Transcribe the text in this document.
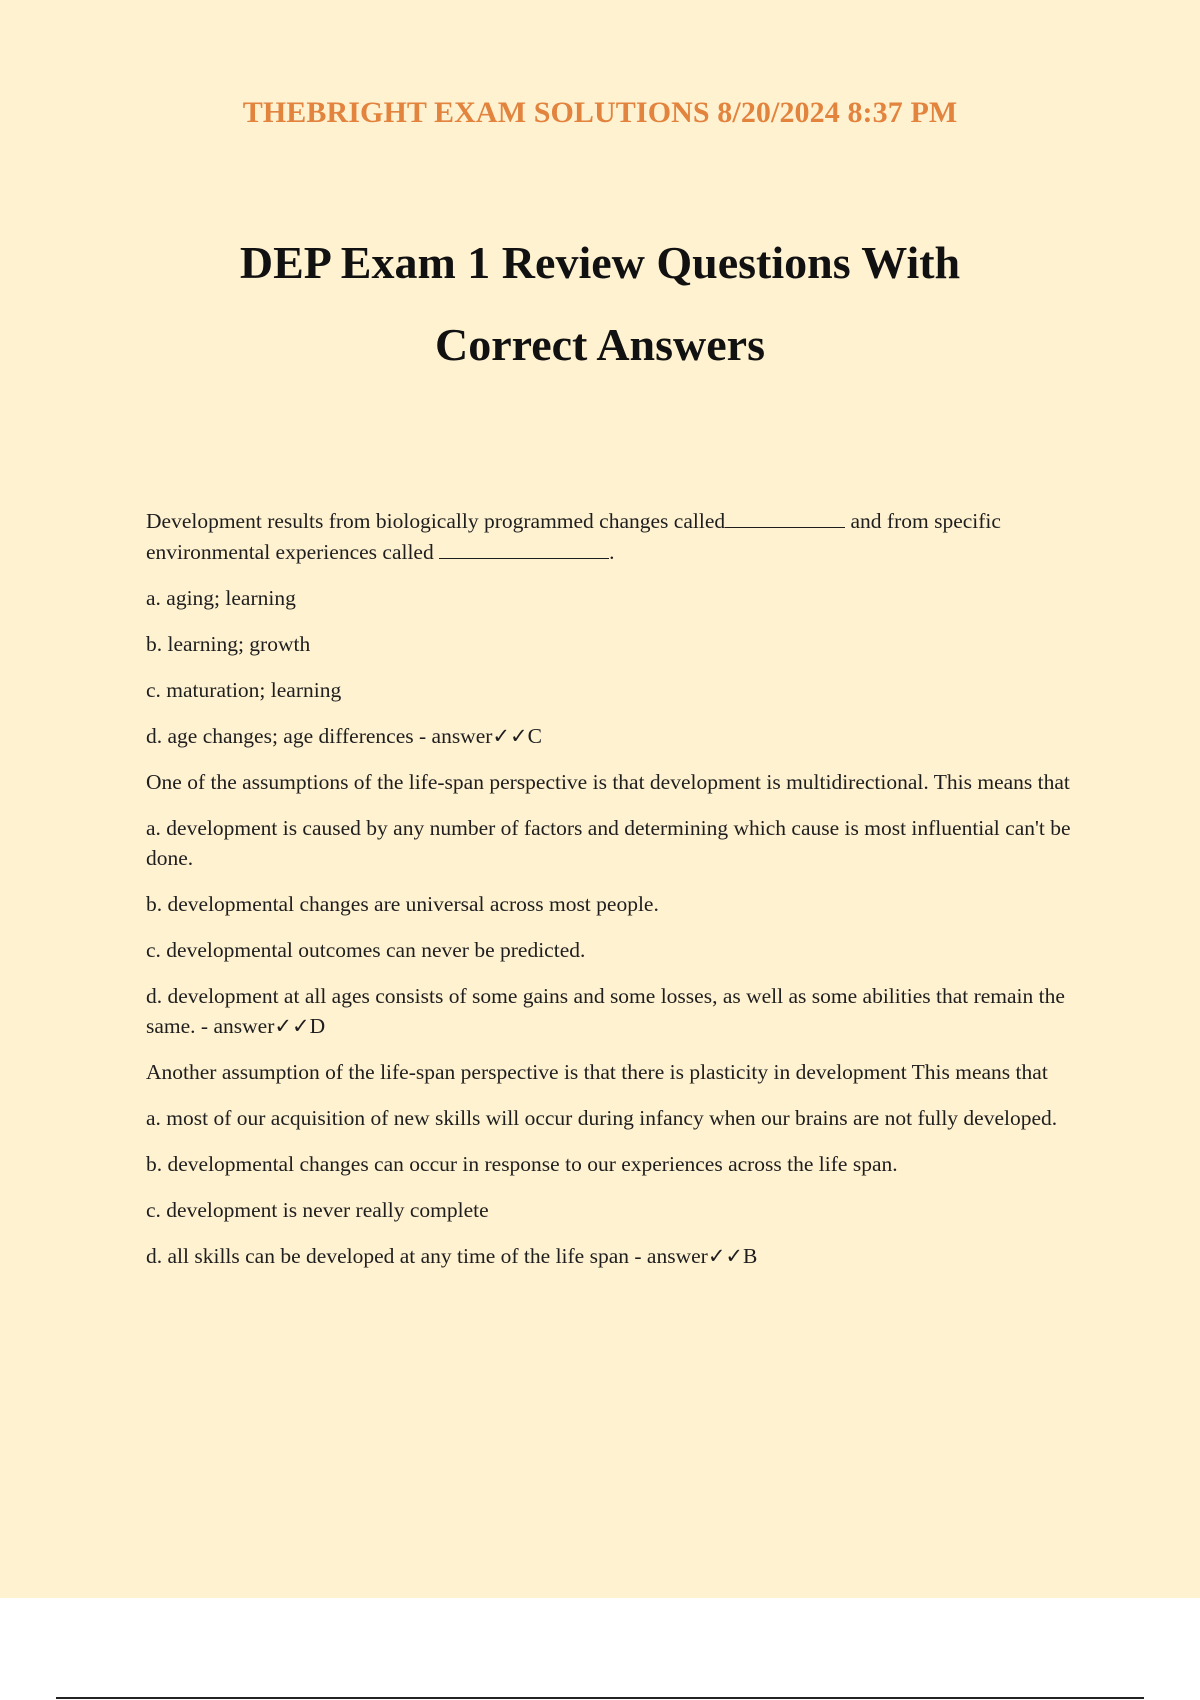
THEBRIGHT EXAM SOLUTIONS 8/20/2024 8:37 PM

DEP Exam 1 Review Questions With
Correct Answers

Development results from biologically programmed changes called	and from specific environmental experiences called	.

a. aging; learning

b. learning; growth

c. maturation; learning

d. age changes; age differences - answer✓✓C

One of the assumptions of the life-span perspective is that development is multidirectional. This means that

a. development is caused by any number of factors and determining which cause is most influential can't be done.

b. developmental changes are universal across most people.

c. developmental outcomes can never be predicted.

d. development at all ages consists of some gains and some losses, as well as some abilities that remain the same. - answer✓✓D

Another assumption of the life-span perspective is that there is plasticity in development This means that

a. most of our acquisition of new skills will occur during infancy when our brains are not fully developed.

b. developmental changes can occur in response to our experiences across the life span.

c. development is never really complete

d. all skills can be developed at any time of the life span - answer✓✓B
